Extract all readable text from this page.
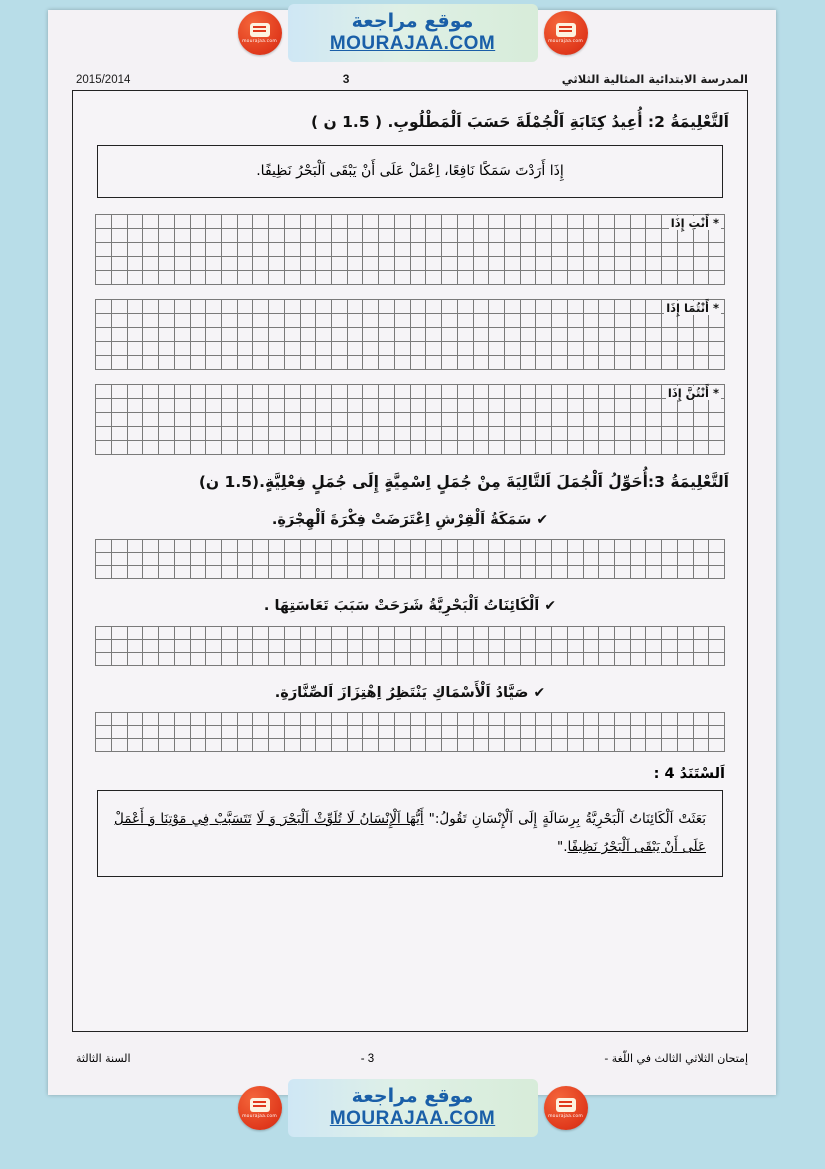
mourajaa.com
موقع مراجعة
MOURAJAA.COM
mourajaa.com
المدرسة الابتدائية المثالية الثلاثي
3
2015/2014
اَلتَّعْلِيمَةُ 2: أُعِيدُ كِتَابَةِ اَلْجُمْلَةَ حَسَبَ اَلْمَطْلُوبِ. ( 1.5 ن )
إِذَا أَرَدْتَ سَمَكًا نَافِعًا، اِعْمَلْ عَلَى أَنْ يَبْقَى اَلْبَحْرُ نَظِيفًا.
* أَنْتِ إِذَا

* أَنْتُمَا إِذَا

* أَنْتُنَّ إِذَا

اَلتَّعْلِيمَةُ 3:أُحَوِّلُ اَلْجُمَلَ اَلتَّالِيَةَ مِنْ جُمَلٍ اِسْمِيَّةٍ إِلَى جُمَلٍ فِعْلِيَّةٍ.(1.5 ن)
✔ سَمَكَةُ اَلْقِرْشِ اِعْتَرَضَتْ فِكْرَةَ اَلْهِجْرَةِ.

✔ اَلْكَائِنَاتُ اَلْبَحْرِيَّةُ شَرَحَتْ سَبَبَ تَعَاسَتِهَا .

✔ صَيَّادُ اَلْأَسْمَاكِ يَنْتَظِرُ اِهْتِزَازَ اَلصِّنَّارَةِ.

اَلسْتَنَدُ 4 :
بَعَثَتْ اَلْكَائِنَاتُ اَلْبَحْرِيَّةُ بِرِسَالَةٍ إِلَى اَلْإِنْسَانِ تَقُولُ:" أَيُّهَا اَلْإِنْسَانُ لَا تُلَوِّثْ اَلْبَحْرَ وَ لَا تَتَسَبَّبْ فِي مَوْتِنَا وَ أَعْمَلْ عَلَى أَنْ يَبْقَى اَلْبَحْرُ نَظِيفًا."
إمتحان الثلاثي الثالث في اللّغة -
3 -
السنة الثالثة
mourajaa.com
موقع مراجعة
MOURAJAA.COM
mourajaa.com
